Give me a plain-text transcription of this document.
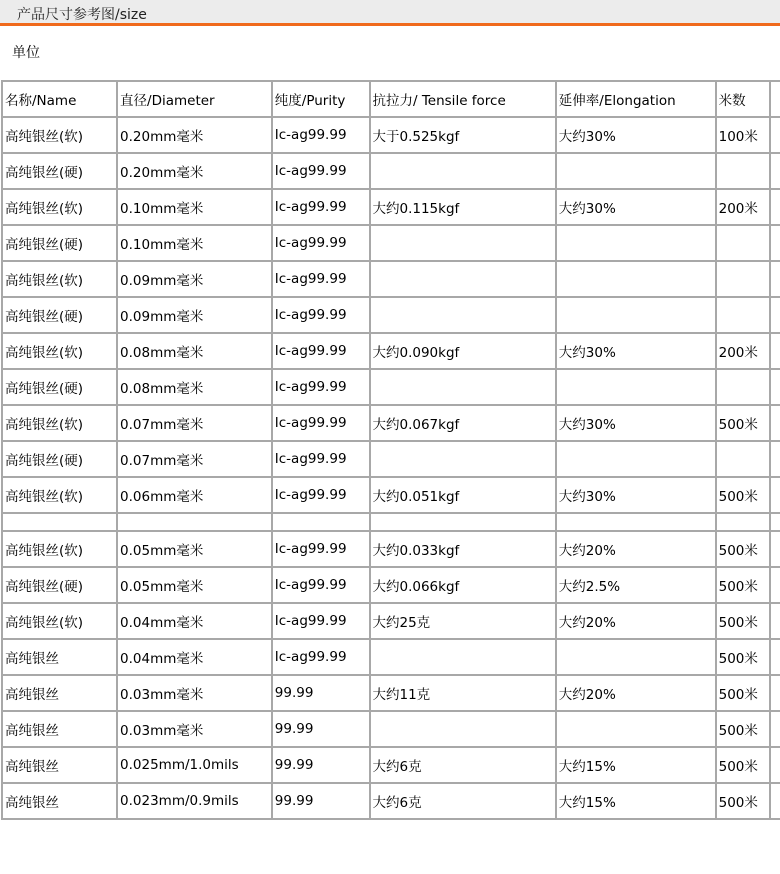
产品尺寸参考图/size
单位
名称/Name	直径/Diameter	纯度/Purity	抗拉力/ Tensile force	延伸率/Elongation	米数	
高纯银丝(软)	0.20mm毫米	Ic-ag99.99	大于0.525kgf	大约30%	100米	
高纯银丝(硬)	0.20mm毫米	Ic-ag99.99				
高纯银丝(软)	0.10mm毫米	Ic-ag99.99	大约0.115kgf	大约30%	200米	
高纯银丝(硬)	0.10mm毫米	Ic-ag99.99				
高纯银丝(软)	0.09mm毫米	Ic-ag99.99				
高纯银丝(硬)	0.09mm毫米	Ic-ag99.99				
高纯银丝(软)	0.08mm毫米	Ic-ag99.99	大约0.090kgf	大约30%	200米	
高纯银丝(硬)	0.08mm毫米	Ic-ag99.99				
高纯银丝(软)	0.07mm毫米	Ic-ag99.99	大约0.067kgf	大约30%	500米	
高纯银丝(硬)	0.07mm毫米	Ic-ag99.99				
高纯银丝(软)	0.06mm毫米	Ic-ag99.99	大约0.051kgf	大约30%	500米	

高纯银丝(软)	0.05mm毫米	Ic-ag99.99	大约0.033kgf	大约20%	500米	
高纯银丝(硬)	0.05mm毫米	Ic-ag99.99	大约0.066kgf	大约2.5%	500米	
高纯银丝(软)	0.04mm毫米	Ic-ag99.99	大约25克	大约20%	500米	
高纯银丝	0.04mm毫米	Ic-ag99.99			500米	
高纯银丝	0.03mm毫米	99.99	大约11克	大约20%	500米	
高纯银丝	0.03mm毫米	99.99			500米	
高纯银丝	0.025mm/1.0mils	99.99	大约6克	大约15%	500米	
高纯银丝	0.023mm/0.9mils	99.99	大约6克	大约15%	500米	
